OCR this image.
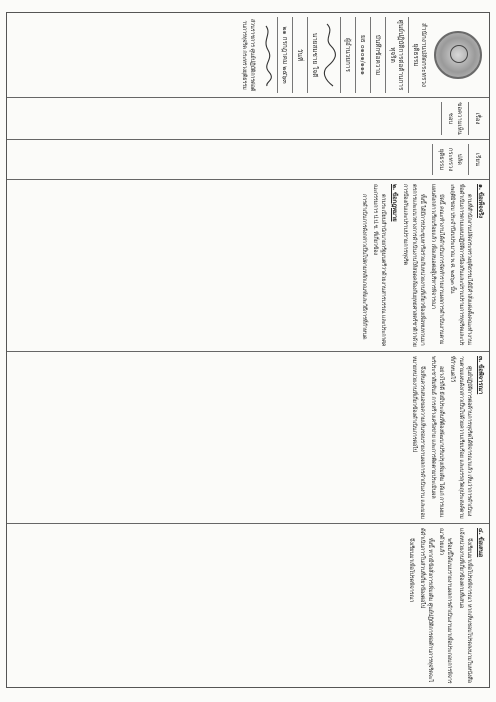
สำนักงานปลัดกระทรวงยุติธรรม
ศูนย์ปฏิบัติการต่อต้านการทุจริต
บันทึกข้อความ
ยธ ๐๑๐๑/๑๑๑
ผู้อำนวยการ
นายสมชาย ใจดี
วันที่
๒๑ กรกฎาคม ๒๕๖๓
ส่วนราชการ ศูนย์ปฏิบัติการต่อต้านการทุจริต กระทรวงยุติธรรม
เรื่อง
ขอความเห็นชอบ
เรียน
ปลัดกระทรวงยุติธรรม
๑. ข้อเท็จจริง

ตามที่สำนักงานปลัดกระทรวงยุติธรรมได้มีคำสั่งแต่งตั้งคณะทำงานเพื่อดำเนินการตามแผนปฏิบัติการป้องกันและปราบปรามการทุจริตและประพฤติมิชอบ ประจำปีงบประมาณ พ.ศ. ๒๕๖๓ นั้น

บัดนี้ คณะทำงานได้ดำเนินการจัดทำรายงานผลการดำเนินงานตามแผนดังกล่าวเรียบร้อยแล้ว เพื่อเสนอต่อผู้บริหารพิจารณา

ทั้งนี้ ได้มีการประชุมหารือร่วมกับหน่วยงานที่เกี่ยวข้องเพื่อทบทวนมาตรการและแนวทางการดำเนินงานให้สอดคล้องกับยุทธศาสตร์ชาติว่าด้วยการป้องกันและปราบปรามการทุจริต

๒. ข้อกฎหมาย

ตามระเบียบสำนักนายกรัฐมนตรีว่าด้วยงานสารบรรณ และประกาศคณะกรรมการ ป.ป.ช. ที่เกี่ยวข้อง

การดำเนินการดังกล่าวเป็นไปตามหลักเกณฑ์และวิธีการที่กำหนด

๓. ข้อพิจารณา

ศูนย์ปฏิบัติการต่อต้านการทุจริตได้พิจารณาแล้ว เห็นว่าการดำเนินงานตามแผนดังกล่าวเป็นไปด้วยความเรียบร้อย และบรรลุวัตถุประสงค์ตามที่กำหนดไว้

อย่างไรก็ดี ยังมีประเด็นที่ต้องพัฒนาปรับปรุงเพิ่มเติม ได้แก่ การเผยแพร่ประชาสัมพันธ์ การสร้างเครือข่าย และการติดตามประเมินผล

จึงเห็นควรเสนอขอความเห็นชอบรายงานผลการดำเนินงาน และมอบหมายหน่วยงานที่เกี่ยวข้องดำเนินการต่อไป

๔. ข้อเสนอ

จึงเรียนมาเพื่อโปรดพิจารณา หากเห็นชอบโปรดลงนามในหนังสือแจ้งหน่วยงานที่เกี่ยวข้องตามที่เสนอ

พร้อมนี้ได้แนบรายงานผลการดำเนินงานมาเพื่อประกอบการพิจารณาด้วยแล้ว

ทั้งนี้ หากมีข้อสั่งการเพิ่มเติม ศูนย์ปฏิบัติการต่อต้านการทุจริตจะได้ดำเนินการในส่วนที่เกี่ยวข้องต่อไป

จึงเรียนมาเพื่อโปรดพิจารณา
